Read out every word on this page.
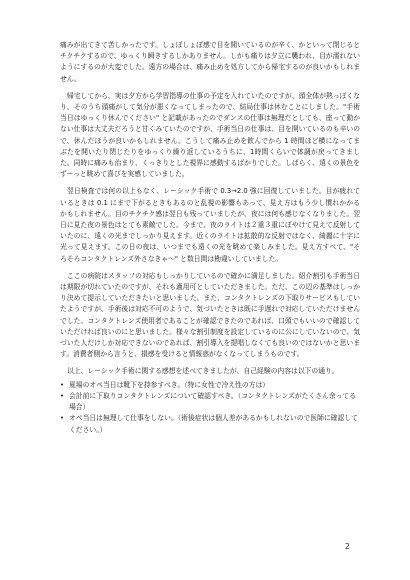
痛みが出てきて苦しかったです。しょぼしょぼ感で目を開いているのが辛く、かといって閉じるとチクチクするので、ゆっくり瞬きするしかありません。しかも痛りは夕立に襲われ、目が濡れないようにするのが大変でした。遠方の場合は、痛み止めを処方してから帰宅するのが良いかもしれません。

帰宅してから、実は夕方から学習指導の仕事の予定を入れていたのですが、頭全体が熱っぽくなり、そのうち頭痛がして気分が悪くなってしまったので、結局仕事は休むことにしました。"手術当日はゆっくり休んでください" と記載があったのでダンスの仕事は無理だとしても、座って動かない仕事は大丈夫だろうと甘くみていたのですが、手術当日の仕事は、目を開いているのも辛いので、休んだほうが良いかもしれません。こうして痛み止めを飲んでから 1 時間ほど横になってまぶたを開いたり閉じたりをゆっくり繰り返しているうちに、1時間くらいで体調が戻ってきました。同時に痛みも治まり、くっきりとした視界に感動するばかりでした。しばらく、遠くの景色をずーっと眺めて喜びを実感していました。

翌日検査では何の以上もなく、レーシック手術で 0.3→2.0 強に回復していました。目が疲れているときは 0.1 にまで下がるときもあるのと乱視の影響もあって、見え方はもう少し慣れかかるかもしれません。目のチクチク感は翌日も残っていましたが、夜には何も感じなくなりました。翌日に見た夜の景色はとても素敵でした。今まで、夜のライトは２重３重にぼやけて見えて反射していたのに、遠くの光までしっかり見えます。近くのライトは拡散的な反射ではなく、綺麗に十字に光って見えます。この日の夜は、いつまでも遠くの光を眺めて楽しみました。見え方すべて、"そろそろコンタクトレンズ外さなきゃ～" と数日間は勘違いしていました。

ここの病院はスタッフの対応もしっかりしているので確かに満足しました。紹介割引も手術当日は期限が切れていたのですが、それも適用可としていただきました。ただ、この辺の基準はしっかり決めて提示していただきたいと思いました。また、コンタクトレンズの下取りサービスもしていたようですが、手術後は対応不可のようで、気づいたときは既に手遅れで対応していただけませんでした。コンタクトレンズ使用者であることが確認できたのであれば、口頭でもいいので確認していただければ良いのにと思いました。様々な割引制度を設定しているのに公にしていないので、気づいた人だけしか対応できないのであれば、割引導入を提唱しなくても良いのではないかと思います。消費者側から言うと、損感を受けると情報惑がなくなってしまうものです。

以上、レーシック手術に関する感想を述べてきましたが、自己経験の内容は以下の通り。

• 夏場のオペ当日は靴下を持参すべき。（特に女性で冷え性の方は）
• 会計前に下取りコンタクトレンズについて確認すべき。（コンタクトレンズがたくさん余ってる場合）
• オペ当日は無理して仕事をしない。（術後症状は個人差があるかもしれないので医師に確認してください。）
2
